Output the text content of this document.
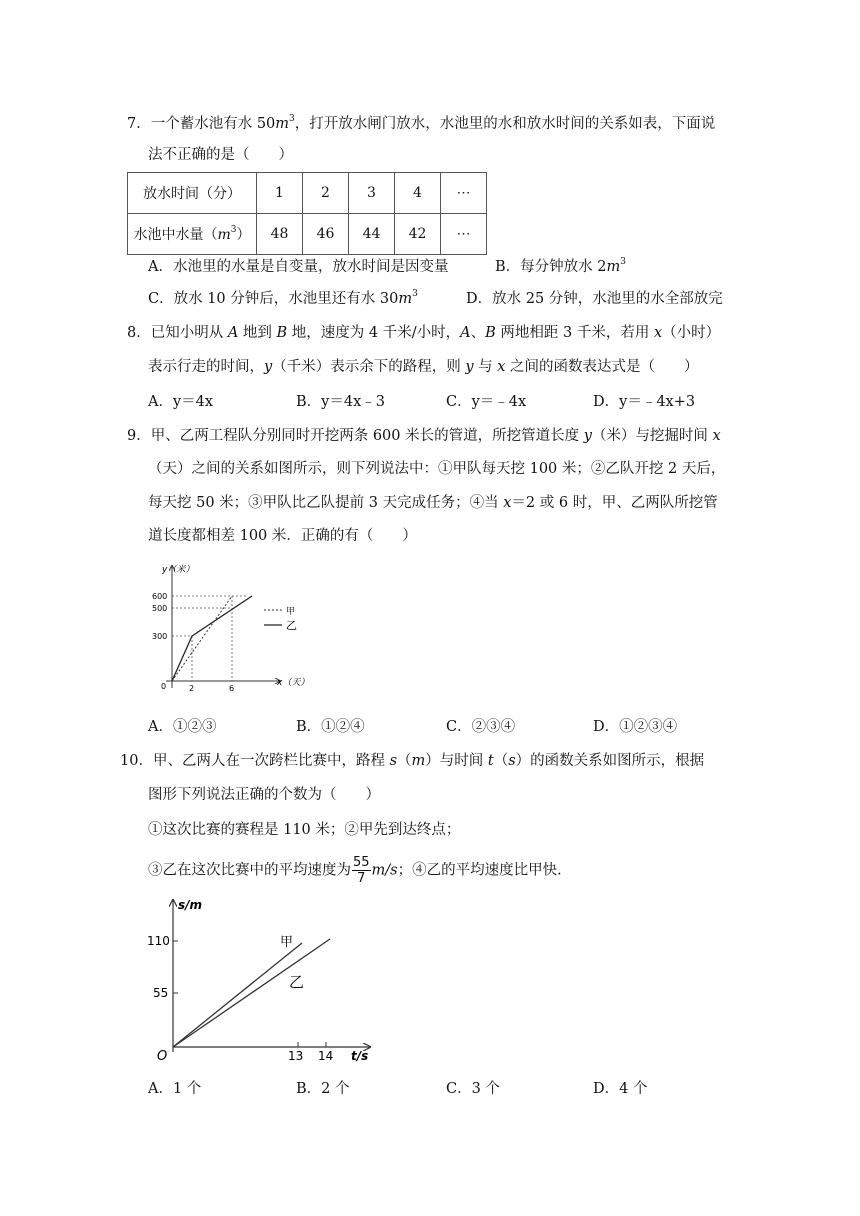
7．一个蓄水池有水 $50m^3$，打开放水闸门放水，水池里的水和放水时间的关系如表，下面说
法不正确的是（　　）
放水时间（分）	1	2	3	4	⋯
水池中水量$(m^3)$	48	46	44	42	⋯
A．水池里的水量是自变量，放水时间是因变量	B．每分钟放水 $2m^3$
C．放水 10 分钟后，水池里还有水 $30m^3$	D．放水 25 分钟，水池里的水全部放完
8．已知小明从 A 地到 B 地，速度为 4 千米/小时，A、B 两地相距 3 千米，若用 x（小时）
表示行走的时间，y（千米）表示余下的路程，则 y 与 x 之间的函数表达式是（　　）
A．y＝4x	B．y＝4x﹣3	C．y＝﹣4x	D．y＝﹣4x+3
9．甲、乙两工程队分别同时开挖两条 600 米长的管道，所挖管道长度 y（米）与挖掘时间 x
（天）之间的关系如图所示，则下列说法中：①甲队每天挖 100 米；②乙队开挖 2 天后，
每天挖 50 米；③甲队比乙队提前 3 天完成任务；④当 x＝2 或 6 时，甲、乙两队所挖管
道长度都相差 100 米．正确的有（　　）
y（米）
600
500
300
0	2	6
x（天）
甲
乙
A．①②③	B．①②④	C．②③④	D．①②③④
10．甲、乙两人在一次跨栏比赛中，路程 s（m）与时间 t（s）的函数关系如图所示，根据
图形下列说法正确的个数为（　　）
①这次比赛的赛程是 110 米；②甲先到达终点；
③乙在这次比赛中的平均速度为 $\frac{55}{7} m/s$；④乙的平均速度比甲快．
s/m
110
55
O	13 14 t/s
甲
乙
A．1 个	B．2 个	C．3 个	D．4 个
